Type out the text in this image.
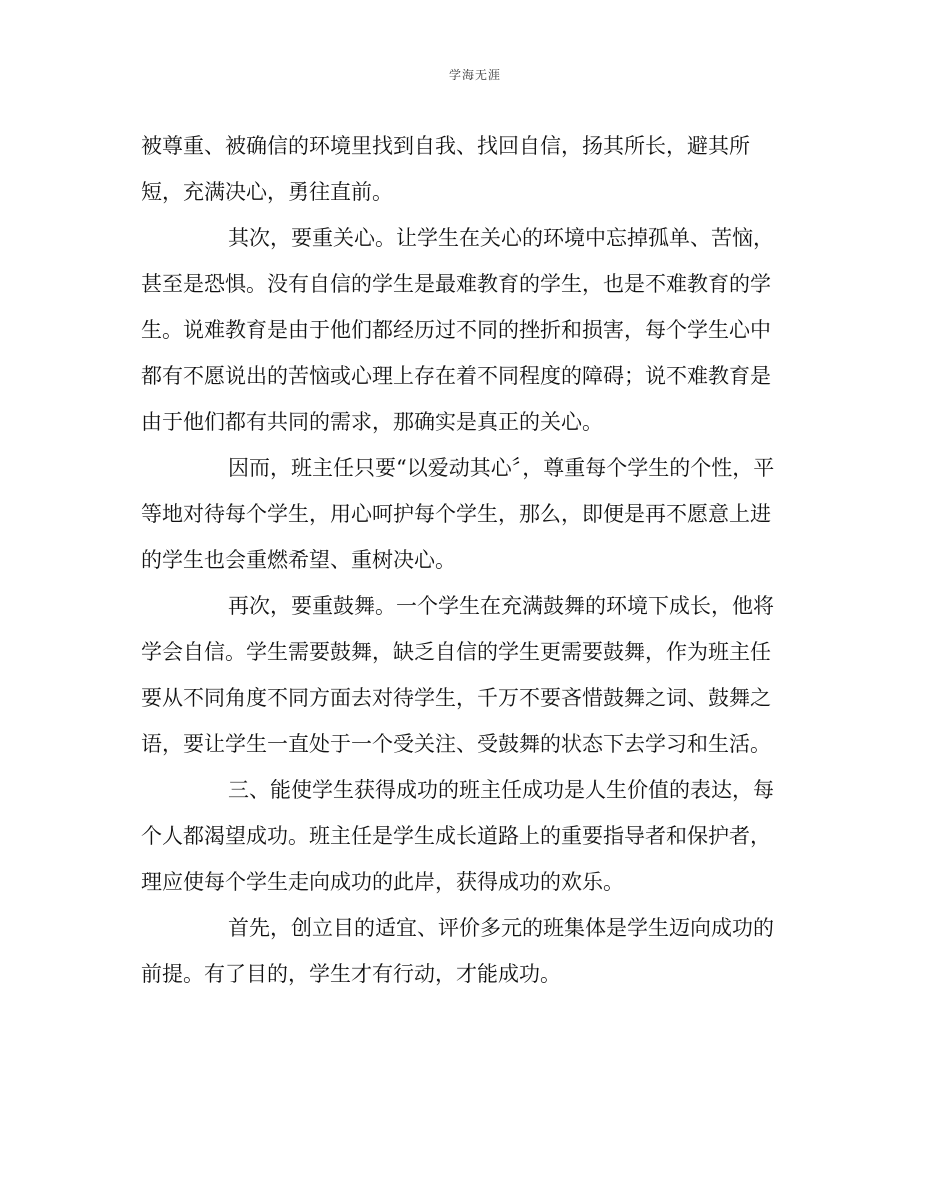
学海无涯
被尊重、被确信的环境里找到自我、找回自信，扬其所长，避其所
短，充满决心，勇往直前。
其次，要重关心。让学生在关心的环境中忘掉孤单、苦恼，
甚至是恐惧。没有自信的学生是最难教育的学生，也是不难教育的学
生。说难教育是由于他们都经历过不同的挫折和损害，每个学生心中
都有不愿说出的苦恼或心理上存在着不同程度的障碍；说不难教育是
由于他们都有共同的需求，那确实是真正的关心。
因而，班主任只要“以爱动其心〞，尊重每个学生的个性，平
等地对待每个学生，用心呵护每个学生，那么，即便是再不愿意上进
的学生也会重燃希望、重树决心。
再次，要重鼓舞。一个学生在充满鼓舞的环境下成长，他将
学会自信。学生需要鼓舞，缺乏自信的学生更需要鼓舞，作为班主任
要从不同角度不同方面去对待学生，千万不要吝惜鼓舞之词、鼓舞之
语，要让学生一直处于一个受关注、受鼓舞的状态下去学习和生活。
三、能使学生获得成功的班主任成功是人生价值的表达，每
个人都渴望成功。班主任是学生成长道路上的重要指导者和保护者，
理应使每个学生走向成功的此岸，获得成功的欢乐。
首先，创立目的适宜、评价多元的班集体是学生迈向成功的
前提。有了目的，学生才有行动，才能成功。
